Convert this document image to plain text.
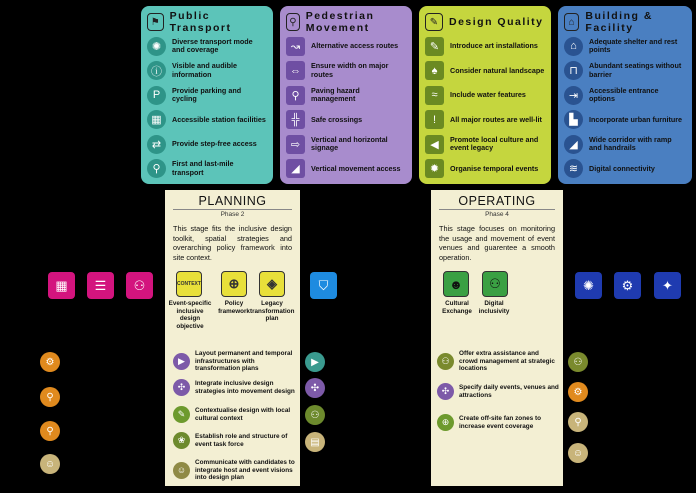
⚑ Public Transport
✺	Diverse transport mode and coverage
ⓘ	Visible and audible information
P	Provide parking and cycling
▦	Accessible station facilities
⇄	Provide step-free access
⚲	First and last-mile transport
⚲ Pedestrian Movement
↝	Alternative access routes
⇔	Ensure width on major routes
⚲	Paving hazard management
╬	Safe crossings
⇨	Vertical and horizontal signage
◢	Vertical movement access
✎	Design Quality
✎	Introduce art installations
♠	Consider natural landscape
≈	Include water features
!	All major routes are well-lit
◀	Promote local culture and event legacy
✹	Organise temporal events
⌂	Building & Facility
⌂	Adequate shelter and rest points
⊓	Abundant seatings without barrier
⇥	Accessible entrance options
▙	Incorporate urban furniture
◢	Wide corridor with ramp and handrails
≋	Digital connectivity
PLANNING
Phase 2
This stage fits the inclusive design toolkit, spatial strategies and overarching policy framework into site context.
CONTEXT
Event-specific inclusive design objective
⊕
Policy framework
◈
Legacy transformation plan
▶
Layout permanent and temporal infrastructures with transformation plans
✣	Integrate inclusive design strategies into movement design
✎	Contextualise design with local cultural context
❀	Establish role and structure of event task force
☺
Communicate with candidates to integrate host and event visions into design plan
OPERATING
Phase 4
This stage focuses on monitoring the usage and movement of event venues and guarentee a smooth operation.
☻
Cultural Exchange
⚇
Digital inclusivity
⚇
Offer extra assistance and crowd management at strategic locations
✣	Specify daily events, venues and attractions
⊕	Create off-site fan zones to increase event coverage
▦	☰	⚇	⛉	✺	⚙	✦
⚙
⚲
⚲
☺
▶
✣
⚇
▤
⚇
⚙
⚲
☺
